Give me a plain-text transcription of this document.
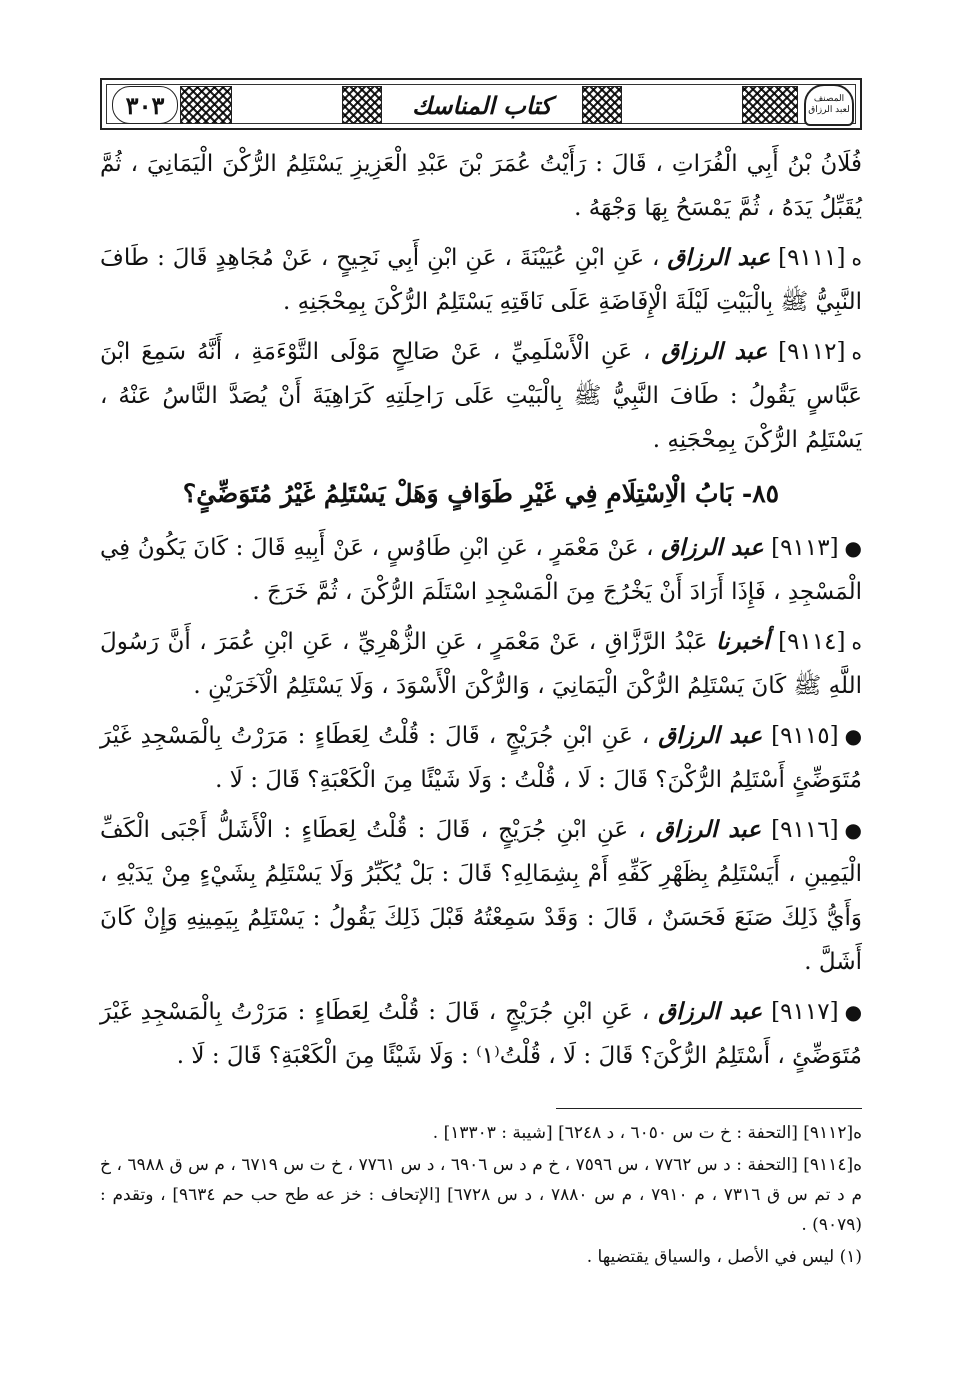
٣٠٣	كتاب المناسك	المصنف
لعبد الرزاق

فُلَانُ بْنُ أَبِي الْفُرَاتِ ، قَالَ : رَأَيْتُ عُمَرَ بْنَ عَبْدِ الْعَزِيزِ يَسْتَلِمُ الرُّكْنَ الْيَمَانِيَ ، ثُمَّ يُقَبِّلُ يَدَهُ ، ثُمَّ يَمْسَحُ بِهَا وَجْهَهُ .

ه[٩١١١] عبد الرزاق ، عَنِ ابْنِ عُيَيْنَةَ ، عَنِ ابْنِ أَبِي نَجِيحٍ ، عَنْ مُجَاهِدٍ قَالَ : طَافَ النَّبِيُّ ﷺ بِالْبَيْتِ لَيْلَةَ الْإِفَاضَةِ عَلَى نَاقَتِهِ يَسْتَلِمُ الرُّكْنَ بِمِحْجَنِهِ .

ه[٩١١٢] عبد الرزاق ، عَنِ الْأَسْلَمِيِّ ، عَنْ صَالِحٍ مَوْلَى التَّوْءَمَةِ ، أَنَّهُ سَمِعَ ابْنَ عَبَّاسٍ يَقُولُ : طَافَ النَّبِيُّ ﷺ بِالْبَيْتِ عَلَى رَاحِلَتِهِ كَرَاهِيَةَ أَنْ يُصَدَّ النَّاسُ عَنْهُ ، يَسْتَلِمُ الرُّكْنَ بِمِحْجَنِهِ .

٨٥- بَابُ الْاِسْتِلَامِ فِي غَيْرِ طَوَافٍ وَهَلْ يَسْتَلِمُ غَيْرُ مُتَوَضِّئٍ؟

●[٩١١٣] عبد الرزاق ، عَنْ مَعْمَرٍ ، عَنِ ابْنِ طَاوُسٍ ، عَنْ أَبِيهِ قَالَ : كَانَ يَكُونُ فِي الْمَسْجِدِ ، فَإِذَا أَرَادَ أَنْ يَخْرُجَ مِنَ الْمَسْجِدِ اسْتَلَمَ الرُّكْنَ ، ثُمَّ خَرَجَ .

ه[٩١١٤] أخبرنا عَبْدُ الرَّزَّاقِ ، عَنْ مَعْمَرٍ ، عَنِ الزُّهْرِيِّ ، عَنِ ابْنِ عُمَرَ ، أَنَّ رَسُولَ اللَّهِ ﷺ كَانَ يَسْتَلِمُ الرُّكْنَ الْيَمَانِيَ ، وَالرُّكْنَ الْأَسْوَدَ ، وَلَا يَسْتَلِمُ الْآخَرَيْنِ .

●[٩١١٥] عبد الرزاق ، عَنِ ابْنِ جُرَيْجٍ ، قَالَ : قُلْتُ لِعَطَاءٍ : مَرَرْتُ بِالْمَسْجِدِ غَيْرَ مُتَوَضِّئٍ أَسْتَلِمُ الرُّكْنَ؟ قَالَ : لَا ، قُلْتُ : وَلَا شَيْئًا مِنَ الْكَعْبَةِ؟ قَالَ : لَا .

●[٩١١٦] عبد الرزاق ، عَنِ ابْنِ جُرَيْجٍ ، قَالَ : قُلْتُ لِعَطَاءٍ : الْأَشَلُّ أَجْبَى الْكَفِّ الْيَمِينِ ، أَيَسْتَلِمُ بِظَهْرِ كَفِّهِ أَمْ بِشِمَالِهِ؟ قَالَ : بَلْ يُكَبِّرُ وَلَا يَسْتَلِمُ بِشَيْءٍ مِنْ يَدَيْهِ ، وَأَيُّ ذَلِكَ صَنَعَ فَحَسَنٌ ، قَالَ : وَقَدْ سَمِعْتُهُ قَبْلَ ذَلِكَ يَقُولُ : يَسْتَلِمُ بِيَمِينِهِ وَإِنْ كَانَ أَشَلَّ .

●[٩١١٧] عبد الرزاق ، عَنِ ابْنِ جُرَيْجٍ ، قَالَ : قُلْتُ لِعَطَاءٍ : مَرَرْتُ بِالْمَسْجِدِ غَيْرَ مُتَوَضِّئٍ ، أَسْتَلِمُ الرُّكْنَ؟ قَالَ : لَا ، قُلْتُ⁽١⁾ : وَلَا شَيْئًا مِنَ الْكَعْبَةِ؟ قَالَ : لَا .

ه[٩١١٢] [التحفة : خ ت س ٦٠٥٠ ، د ٦٢٤٨] [شيبة : ١٣٣٠٣] .

ه[٩١١٤] [التحفة : د س ٧٧٦٢ ، س ٧٥٩٦ ، خ م د س ٦٩٠٦ ، د س ٧٧٦١ ، خ ت س ٦٧١٩ ، م س ق ٦٩٨٨ ، خ م د تم س ق ٧٣١٦ ، م ٧٩١٠ ، م س ٧٨٨٠ ، د س ٦٧٢٨] [الإتحاف : خز عه طح حب حم ٩٦٣٤] ، وتقدم : (٩٠٧٩) .

(١) ليس في الأصل ، والسياق يقتضيها .
